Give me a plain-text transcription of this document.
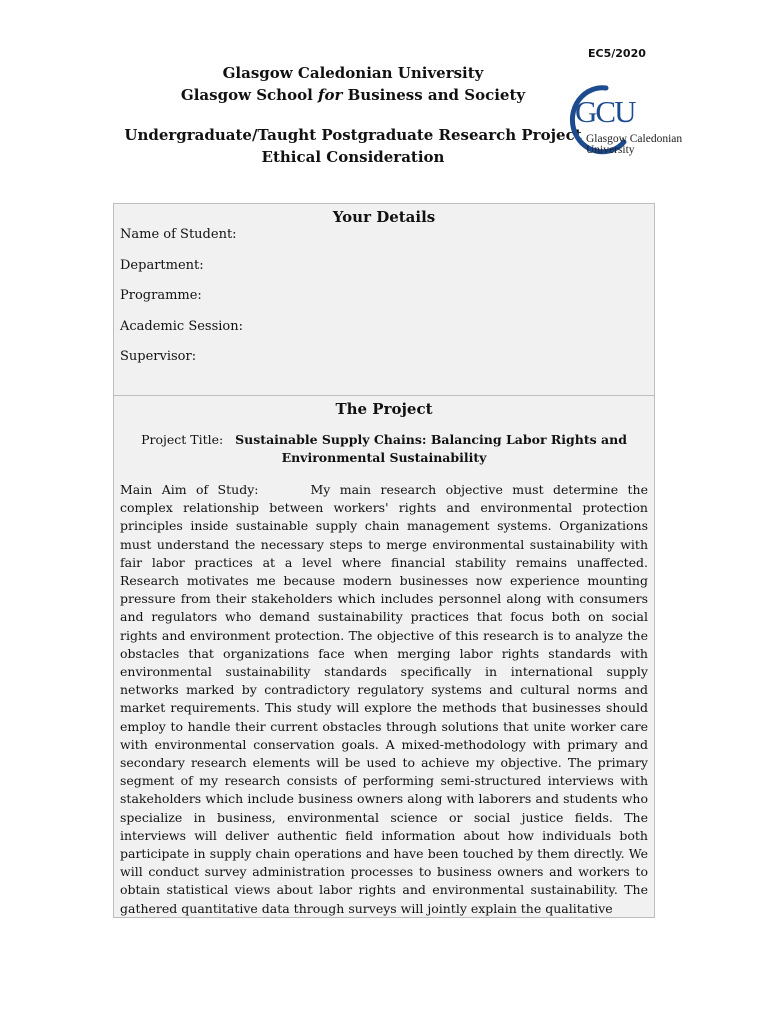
EC5/2020
Glasgow Caledonian University
Glasgow School for Business and Society
Undergraduate/Taught Postgraduate Research Project
Ethical Consideration
GCU
Glasgow Caledonian
University
Your Details
Name of Student:
Department:
Programme:
Academic Session:
Supervisor:
The Project
Project Title: Sustainable Supply Chains: Balancing Labor Rights and Environmental Sustainability
Main Aim of Study:	My main research objective must determine the complex relationship between workers' rights and environmental protection principles inside sustainable supply chain management systems. Organizations must understand the necessary steps to merge environmental sustainability with fair labor practices at a level where financial stability remains unaffected. Research motivates me because modern businesses now experience mounting pressure from their stakeholders which includes personnel along with consumers and regulators who demand sustainability practices that focus both on social rights and environment protection. The objective of this research is to analyze the obstacles that organizations face when merging labor rights standards with environmental sustainability standards specifically in international supply networks marked by contradictory regulatory systems and cultural norms and market requirements. This study will explore the methods that businesses should employ to handle their current obstacles through solutions that unite worker care with environmental conservation goals. A mixed-methodology with primary and secondary research elements will be used to achieve my objective. The primary segment of my research consists of performing semi-structured interviews with stakeholders which include business owners along with laborers and students who specialize in business, environmental science or social justice fields. The interviews will deliver authentic field information about how individuals both participate in supply chain operations and have been touched by them directly. We will conduct survey administration processes to business owners and workers to obtain statistical views about labor rights and environmental sustainability. The gathered quantitative data through surveys will jointly explain the qualitative
